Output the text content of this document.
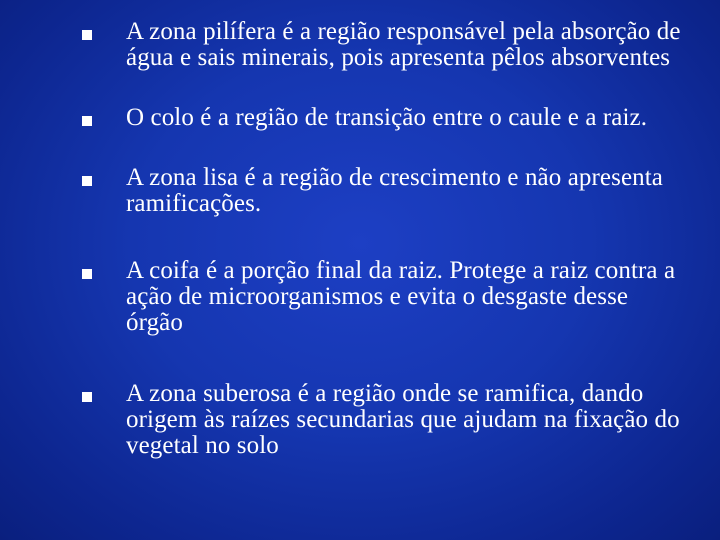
A zona pilífera é a região responsável pela absorção de água e sais minerais, pois apresenta pêlos absorventes
O colo é a região de transição entre o caule e a raiz.
A zona lisa é a região de crescimento e não apresenta ramificações.
A coifa é a porção final da raiz. Protege a raiz contra a ação de microorganismos e evita o desgaste desse órgão
A zona suberosa é a região onde se ramifica, dando origem às raízes secundarias que ajudam na fixação do vegetal no solo
